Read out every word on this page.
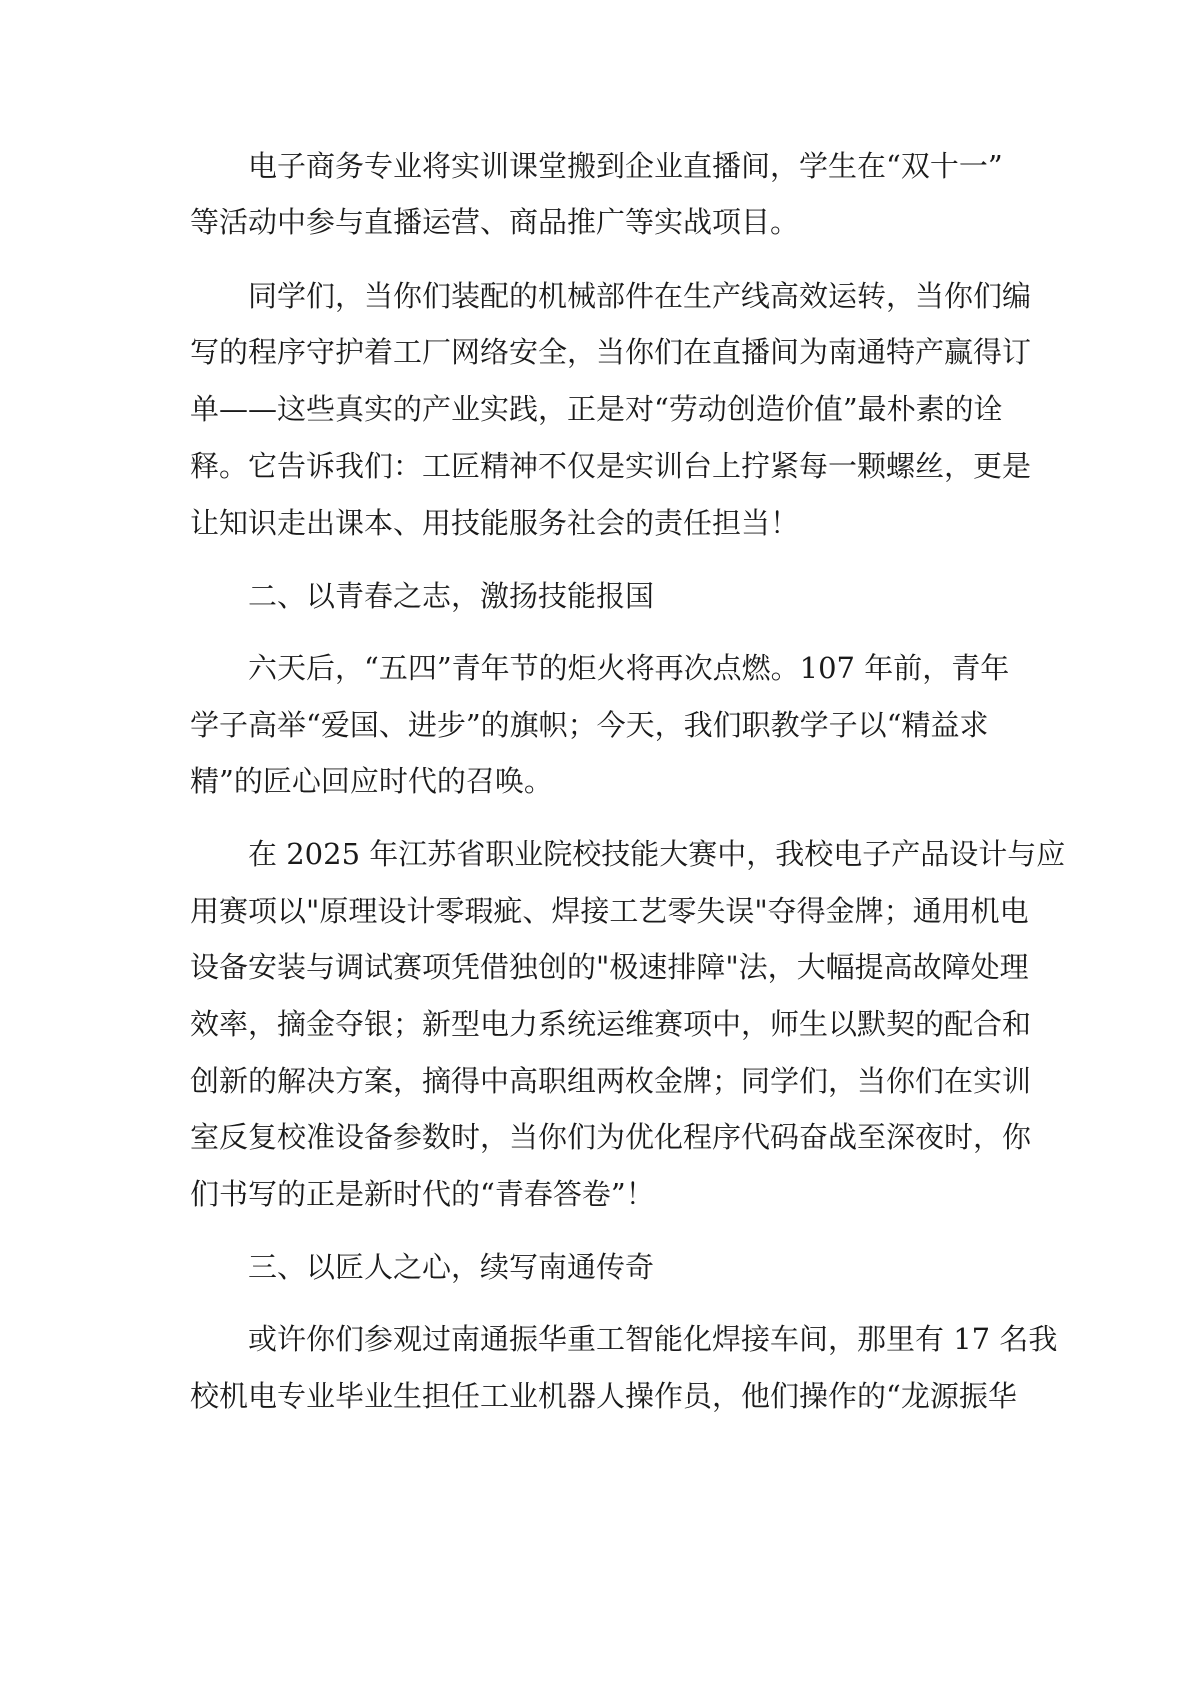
电子商务专业将实训课堂搬到企业直播间，学生在“双十一”
等活动中参与直播运营、商品推广等实战项目。
同学们，当你们装配的机械部件在生产线高效运转，当你们编
写的程序守护着工厂网络安全，当你们在直播间为南通特产赢得订
单——这些真实的产业实践，正是对“劳动创造价值”最朴素的诠
释。它告诉我们：工匠精神不仅是实训台上拧紧每一颗螺丝，更是
让知识走出课本、用技能服务社会的责任担当！
二、以青春之志，激扬技能报国
六天后，“五四”青年节的炬火将再次点燃。107 年前，青年
学子高举“爱国、进步”的旗帜；今天，我们职教学子以“精益求
精”的匠心回应时代的召唤。
在 2025 年江苏省职业院校技能大赛中，我校电子产品设计与应
用赛项以"原理设计零瑕疵、焊接工艺零失误"夺得金牌；通用机电
设备安装与调试赛项凭借独创的"极速排障"法，大幅提高故障处理
效率，摘金夺银；新型电力系统运维赛项中，师生以默契的配合和
创新的解决方案，摘得中高职组两枚金牌；同学们，当你们在实训
室反复校准设备参数时，当你们为优化程序代码奋战至深夜时，你
们书写的正是新时代的“青春答卷”！
三、以匠人之心，续写南通传奇
或许你们参观过南通振华重工智能化焊接车间，那里有 17 名我
校机电专业毕业生担任工业机器人操作员，他们操作的“龙源振华
